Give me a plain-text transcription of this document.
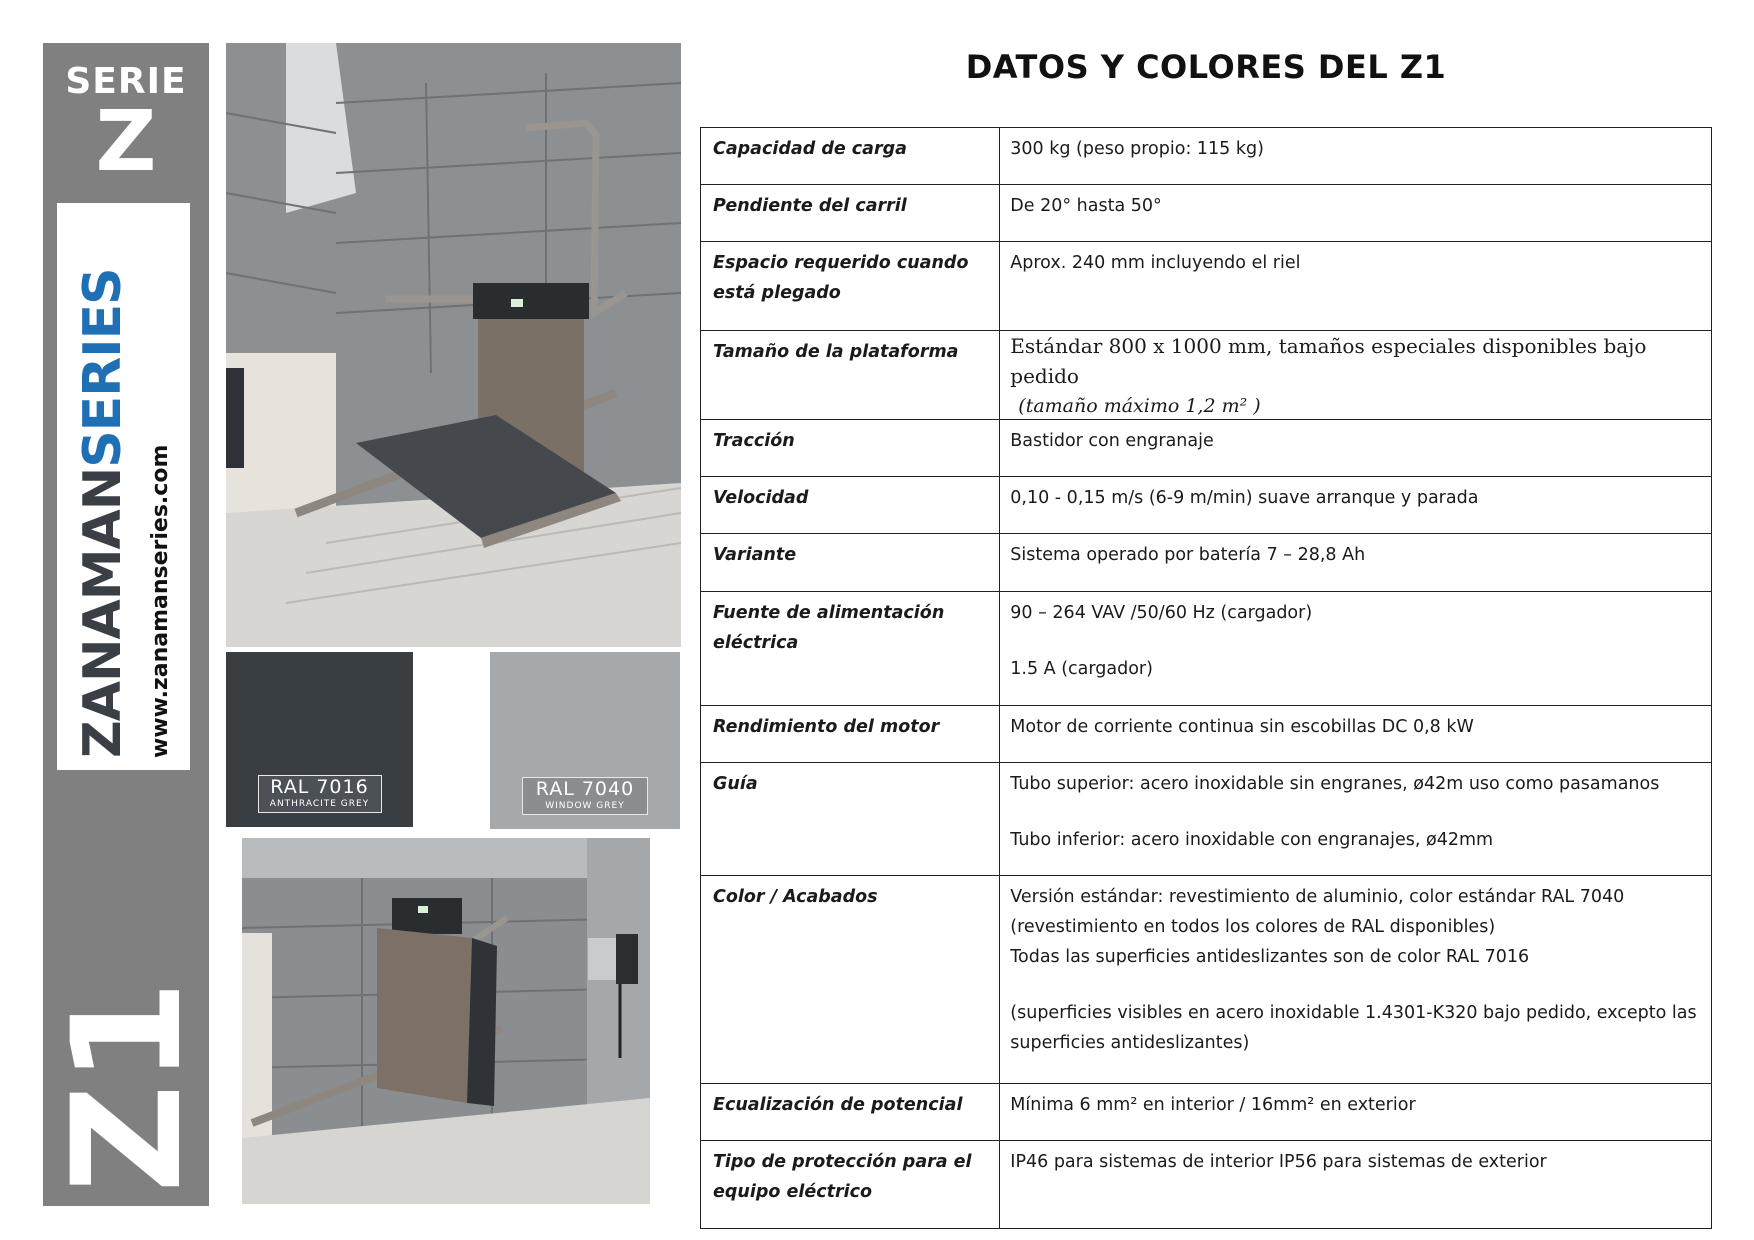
SERIE
Z
ZANAMANSERIES
www.zanamanseries.com
Z1
RAL 7016
ANTHRACITE GREY
RAL 7040
WINDOW GREY
DATOS Y COLORES DEL Z1
Capacidad de carga	300 kg (peso propio: 115 kg)
Pendiente del carril	De 20° hasta 50°
Espacio requerido cuando está plegado	Aprox. 240 mm incluyendo el riel
Tamaño de la plataforma	Estándar 800 x 1000 mm, tamaños especiales disponibles bajo pedido
(tamaño máximo 1,2 m² )

Tracción	Bastidor con engranaje
Velocidad	0,10 - 0,15 m/s (6-9 m/min) suave arranque y parada
Variante	Sistema operado por batería 7 – 28,8 Ah
Fuente de alimentación eléctrica	90 – 264 VAV /50/60 Hz (cargador)
1.5 A (cargador)
Rendimiento del motor	Motor de corriente continua sin escobillas DC 0,8 kW
Guía	Tubo superior: acero inoxidable sin engranes, ø42m uso como pasamanos
Tubo inferior: acero inoxidable con engranajes, ø42mm
Color / Acabados	Versión estándar: revestimiento de aluminio, color estándar RAL 7040 (revestimiento en todos los colores de RAL disponibles)
Todas las superficies antideslizantes son de color RAL 7016
(superficies visibles en acero inoxidable 1.4301-K320 bajo pedido, excepto las superficies antideslizantes)
Ecualización de potencial	Mínima 6 mm² en interior / 16mm² en exterior
Tipo de protección para el equipo eléctrico	IP46 para sistemas de interior IP56 para sistemas de exterior
